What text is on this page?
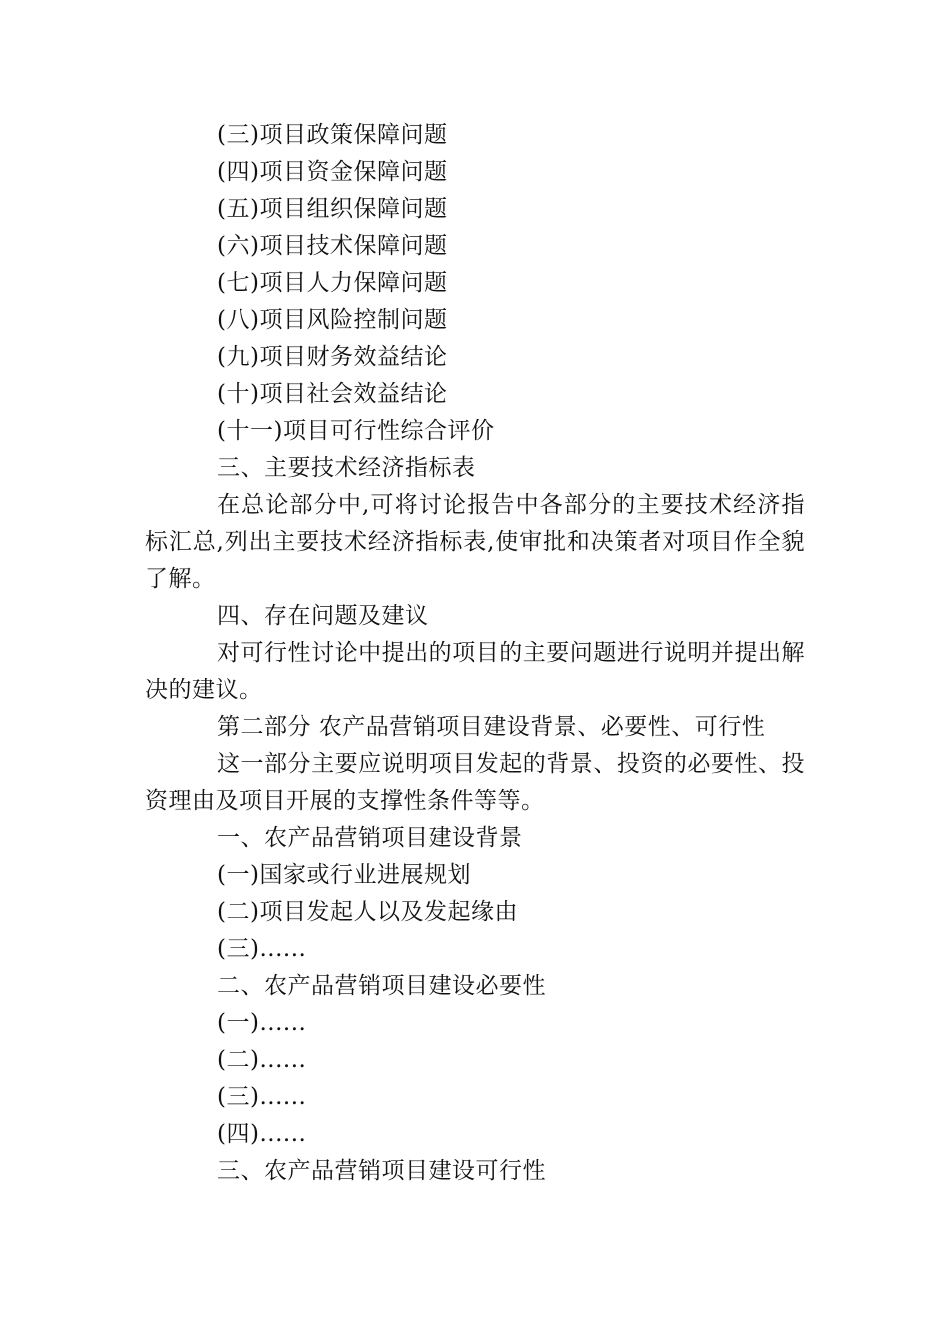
(三)项目政策保障问题

(四)项目资金保障问题

(五)项目组织保障问题

(六)项目技术保障问题

(七)项目人力保障问题

(八)项目风险控制问题

(九)项目财务效益结论

(十)项目社会效益结论

(十一)项目可行性综合评价

三、主要技术经济指标表

在总论部分中,可将讨论报告中各部分的主要技术经济指标汇总,列出主要技术经济指标表,使审批和决策者对项目作全貌了解。

四、存在问题及建议

对可行性讨论中提出的项目的主要问题进行说明并提出解决的建议。

第二部分 农产品营销项目建设背景、必要性、可行性

这一部分主要应说明项目发起的背景、投资的必要性、投资理由及项目开展的支撑性条件等等。

一、农产品营销项目建设背景

(一)国家或行业进展规划

(二)项目发起人以及发起缘由

(三)......

二、农产品营销项目建设必要性

(一)......

(二)......

(三)......

(四)......

三、农产品营销项目建设可行性
